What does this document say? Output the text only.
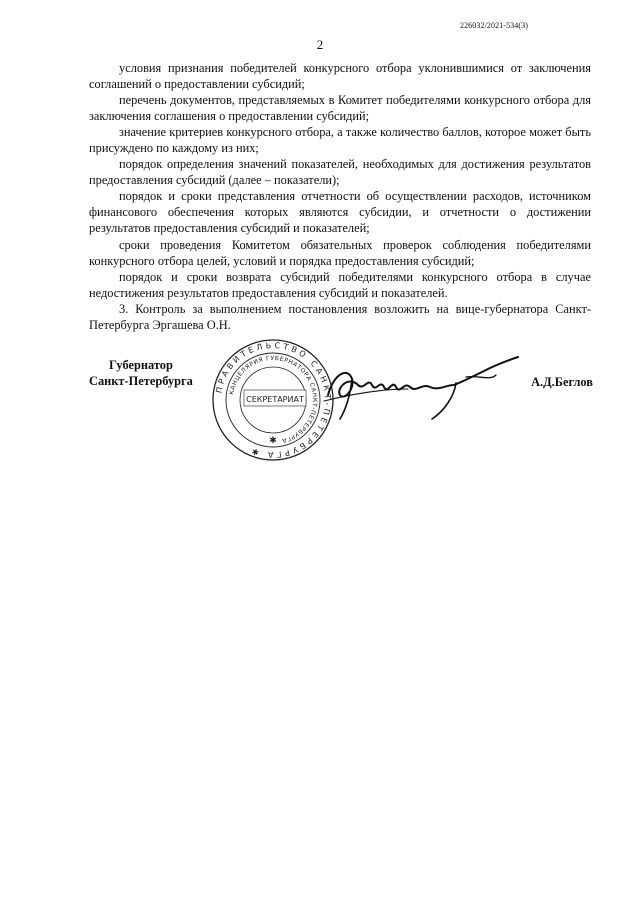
226032/2021-534(3)
2

условия признания победителей конкурсного отбора уклонившимися от заключения соглашений о предоставлении субсидий;

перечень документов, представляемых в Комитет победителями конкурсного отбора для заключения соглашения о предоставлении субсидий;

значение критериев конкурсного отбора, а также количество баллов, которое может быть присуждено по каждому из них;

порядок определения значений показателей, необходимых для достижения результатов предоставления субсидий (далее – показатели);

порядок и сроки представления отчетности об осуществлении расходов, источником финансового обеспечения которых являются субсидии, и отчетности о достижении результатов предоставления субсидий и показателей;

сроки проведения Комитетом обязательных проверок соблюдения победителями конкурсного отбора целей, условий и порядка предоставления субсидий;

порядок и сроки возврата субсидий победителями конкурсного отбора в случае недостижения результатов предоставления субсидий и показателей.

3. Контроль за выполнением постановления возложить на вице-губернатора Санкт-Петербурга Эргашева О.Н.

Губернатор
Санкт-Петербурга
ПРАВИТЕЛЬСТВО САНКТ-ПЕТЕРБУРГА ✱
КАНЦЕЛЯРИЯ ГУБЕРНАТОРА САНКТ-ПЕТЕРБУРГА
СЕКРЕТАРИАТ
✱
А.Д.Беглов
